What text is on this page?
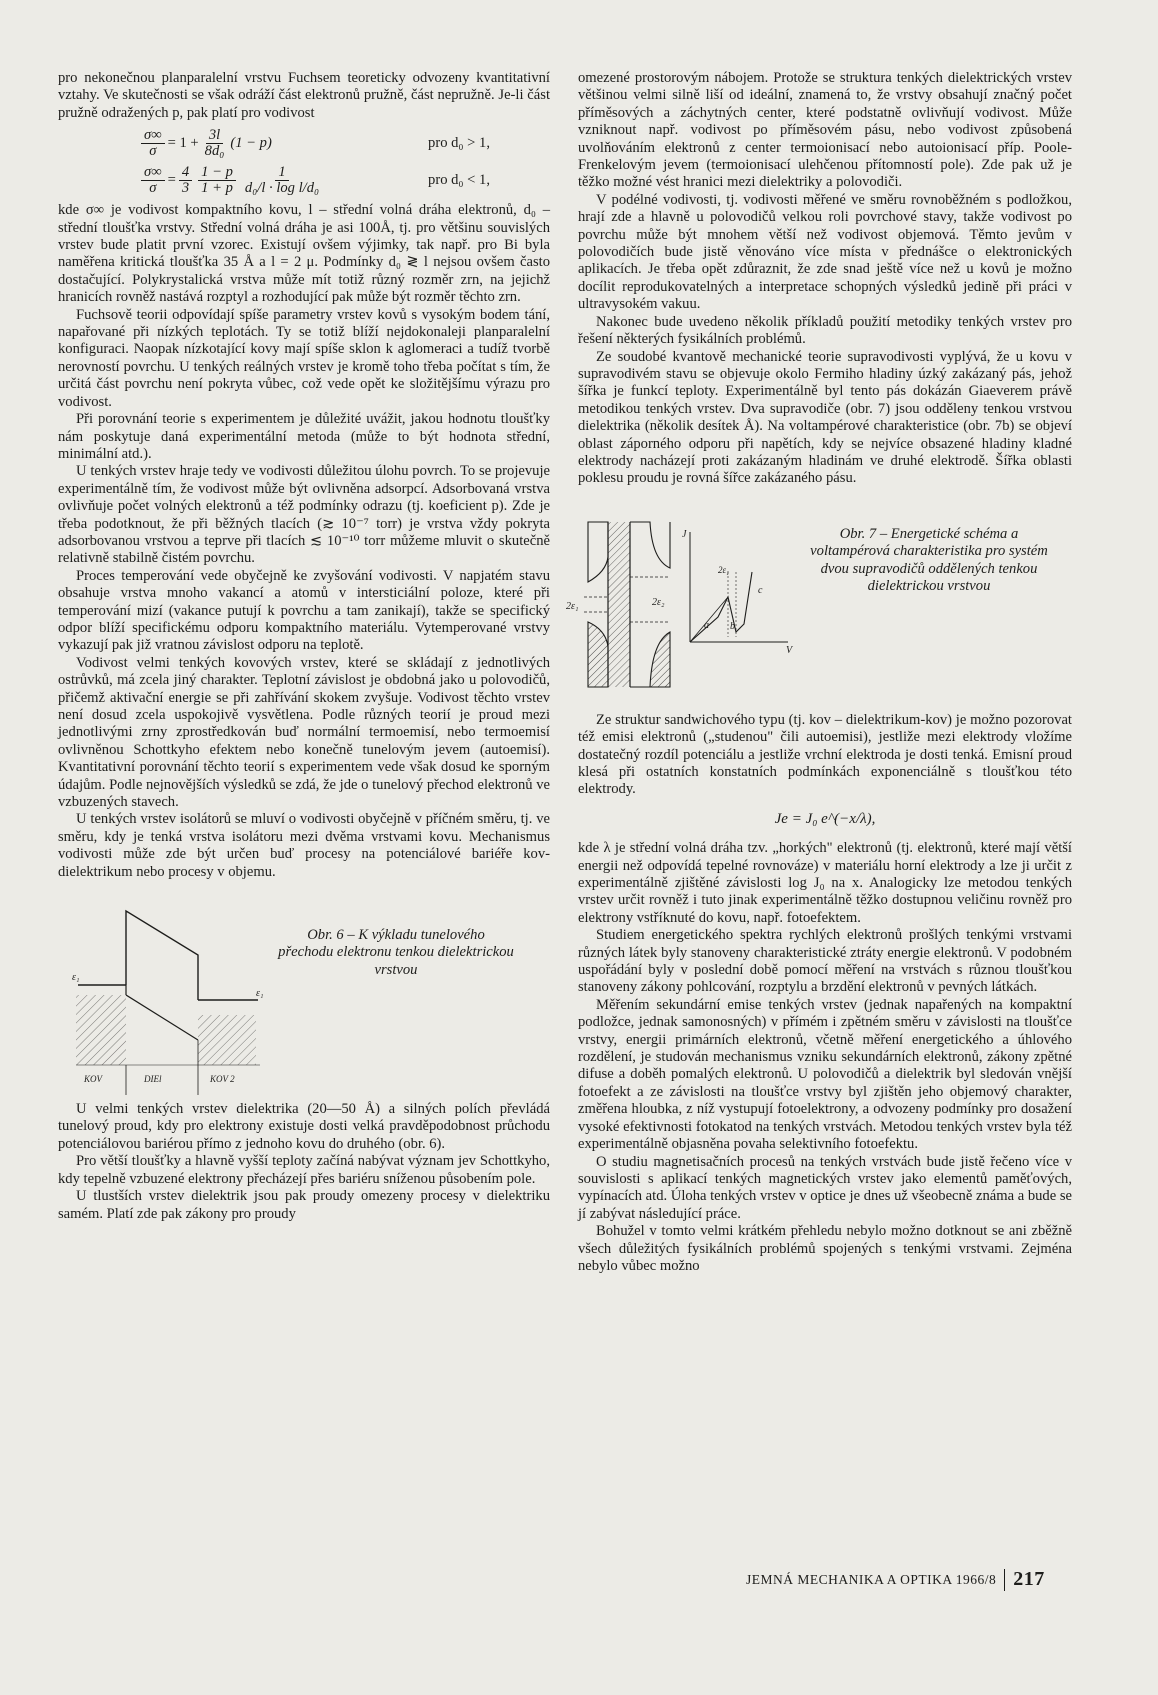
pro nekonečnou planparalelní vrstvu Fuchsem teoreticky odvozeny kvantitativní vztahy. Ve skutečnosti se však odráží část elektronů pružně, část nepružně. Je-li část pružně odražených p, pak platí pro vodivost

$\frac{\sigma\infty}{\sigma} = 1 + \frac{3l}{\text{8d₀}} (1 - p)$	pro d₀ > 1,
$\frac{\sigma\infty}{\sigma} = \frac{4}{3} \frac{1 - p}{1 + p} \frac{1}{\text{d₀/l · log l/d₀}}$	pro d₀ < 1,

kde σ∞ je vodivost kompaktního kovu, l – střední volná dráha elektronů, d₀ – střední tloušťka vrstvy. Střední volná dráha je asi 100Å, tj. pro většinu souvislých vrstev bude platit první vzorec. Existují ovšem výjimky, tak např. pro Bi byla naměřena kritická tloušťka 35 Å a l = 2 μ. Podmínky d₀ ≷ l nejsou ovšem často dostačující. Polykrystalická vrstva může mít totiž různý rozměr zrn, na jejichž hranicích rovněž nastává rozptyl a rozhodující pak může být rozměr těchto zrn.

Fuchsově teorii odpovídají spíše parametry vrstev kovů s vysokým bodem tání, napařované při nízkých teplotách. Ty se totiž blíží nejdokonaleji planparalelní konfiguraci. Naopak nízkotající kovy mají spíše sklon k aglomeraci a tudíž tvorbě nerovností povrchu. U tenkých reálných vrstev je kromě toho třeba počítat s tím, že určitá část povrchu není pokryta vůbec, což vede opět ke složitějšímu výrazu pro vodivost.

Při porovnání teorie s experimentem je důležité uvážit, jakou hodnotu tloušťky nám poskytuje daná experimentální metoda (může to být hodnota střední, minimální atd.).

U tenkých vrstev hraje tedy ve vodivosti důležitou úlohu povrch. To se projevuje experimentálně tím, že vodivost může být ovlivněna adsorpcí. Adsorbovaná vrstva ovlivňuje počet volných elektronů a též podmínky odrazu (tj. koeficient p). Zde je třeba podotknout, že při běžných tlacích (≳ 10⁻⁷ torr) je vrstva vždy pokryta adsorbovanou vrstvou a teprve při tlacích ≲ 10⁻¹⁰ torr můžeme mluvit o skutečně relativně stabilně čistém povrchu.

Proces temperování vede obyčejně ke zvyšování vodivosti. V napjatém stavu obsahuje vrstva mnoho vakancí a atomů v intersticiální poloze, které při temperování mizí (vakance putují k povrchu a tam zanikají), takže se specifický odpor blíží specifickému odporu kompaktního materiálu. Vytemperované vrstvy vykazují pak již vratnou závislost odporu na teplotě.

Vodivost velmi tenkých kovových vrstev, které se skládají z jednotlivých ostrůvků, má zcela jiný charakter. Teplotní závislost je obdobná jako u polovodičů, přičemž aktivační energie se při zahřívání skokem zvyšuje. Vodivost těchto vrstev není dosud zcela uspokojivě vysvětlena. Podle různých teorií je proud mezi jednotlivými zrny zprostředkován buď normální termoemisí, nebo termoemisí ovlivněnou Schottkyho efektem nebo konečně tunelovým jevem (autoemisí). Kvantitativní porovnání těchto teorií s experimentem vede však dosud ke sporným údajům. Podle nejnovějších výsledků se zdá, že jde o tunelový přechod elektronů ve vzbuzených stavech.

U tenkých vrstev isolátorů se mluví o vodivosti obyčejně v příčném směru, tj. ve směru, kdy je tenká vrstva isolátoru mezi dvěma vrstvami kovu. Mechanismus vodivosti může zde být určen buď procesy na potenciálové bariéře kov-dielektrikum nebo procesy v objemu.

ε₁
ε₁
KOV	DIEl	KOV 2
Obr. 6 – K výkladu tunelového přechodu elektronu tenkou dielektrickou vrstvou

U velmi tenkých vrstev dielektrika (20—50 Å) a silných polích převládá tunelový proud, kdy pro elektrony existuje dosti velká pravděpodobnost průchodu potenciálovou bariérou přímo z jednoho kovu do druhého (obr. 6).

Pro větší tloušťky a hlavně vyšší teploty začíná nabývat význam jev Schottkyho, kdy tepelně vzbuzené elektrony přecházejí přes bariéru sníženou působením pole.

U tlustších vrstev dielektrik jsou pak proudy omezeny procesy v dielektriku samém. Platí zde pak zákony pro proudy

omezené prostorovým nábojem. Protože se struktura tenkých dielektrických vrstev většinou velmi silně liší od ideální, znamená to, že vrstvy obsahují značný počet příměsových a záchytných center, které podstatně ovlivňují vodivost. Může vzniknout např. vodivost po příměsovém pásu, nebo vodivost způsobená uvolňováním elektronů z center termoionisací nebo autoionisací příp. Poole-Frenkelovým jevem (termoionisací ulehčenou přítomností pole). Zde pak už je těžko možné vést hranici mezi dielektriky a polovodiči.

V podélné vodivosti, tj. vodivosti měřené ve směru rovnoběžném s podložkou, hrají zde a hlavně u polovodičů velkou roli povrchové stavy, takže vodivost po povrchu může být mnohem větší než vodivost objemová. Těmto jevům v polovodičích bude jistě věnováno více místa v přednášce o elektronických aplikacích. Je třeba opět zdůraznit, že zde snad ještě více než u kovů je možno docílit reprodukovatelných a interpretace schopných výsledků jedině při práci v ultravysokém vakuu.

Nakonec bude uvedeno několik příkladů použití metodiky tenkých vrstev pro řešení některých fysikálních problémů.

Ze soudobé kvantově mechanické teorie supravodivosti vyplývá, že u kovu v supravodivém stavu se objevuje okolo Fermiho hladiny úzký zakázaný pás, jehož šířka je funkcí teploty. Experimentálně byl tento pás dokázán Giaeverem právě metodikou tenkých vrstev. Dva supravodiče (obr. 7) jsou odděleny tenkou vrstvou dielektrika (několik desítek Å). Na voltampérové charakteristice (obr. 7b) se objeví oblast záporného odporu při napětích, kdy se nejvíce obsazené hladiny kladné elektrody nacházejí proti zakázaným hladinám ve druhé elektrodě. Šířka oblasti poklesu proudu je rovná šířce zakázaného pásu.

2ε₁	2ε₂
2ε₁
J
V
a b
c
Obr. 7 – Energetické schéma a voltampérová charakteristika pro systém dvou supravodičů oddělených tenkou dielektrickou vrstvou

Ze struktur sandwichového typu (tj. kov – dielektrikum-kov) je možno pozorovat též emisi elektronů („studenou" čili autoemisi), jestliže mezi elektrody vložíme dostatečný rozdíl potenciálu a jestliže vrchní elektroda je dosti tenká. Emisní proud klesá při ostatních konstatních podmínkách exponenciálně s tloušťkou této elektrody.

Je = J₀ e^(−x/λ),

kde λ je střední volná dráha tzv. „horkých" elektronů (tj. elektronů, které mají větší energii než odpovídá tepelné rovnováze) v materiálu horní elektrody a lze ji určit z experimentálně zjištěné závislosti log J₀ na x. Analogicky lze metodou tenkých vrstev určit rovněž i tuto jinak experimentálně těžko dostupnou veličinu rovněž pro elektrony vstříknuté do kovu, např. fotoefektem.

Studiem energetického spektra rychlých elektronů prošlých tenkými vrstvami různých látek byly stanoveny charakteristické ztráty energie elektronů. V podobném uspořádání byly v poslední době pomocí měření na vrstvách s různou tloušťkou stanoveny zákony pohlcování, rozptylu a brzdění elektronů v pevných látkách.

Měřením sekundární emise tenkých vrstev (jednak napařených na kompaktní podložce, jednak samonosných) v přímém i zpětném směru v závislosti na tloušťce vrstvy, energii primárních elektronů, včetně měření energetického a úhlového rozdělení, je studován mechanismus vzniku sekundárních elektronů, zákony zpětné difuse a doběh pomalých elektronů. U polovodičů a dielektrik byl sledován vnější fotoefekt a ze závislosti na tloušťce vrstvy byl zjištěn jeho objemový charakter, změřena hloubka, z níž vystupují fotoelektrony, a odvozeny podmínky pro dosažení vysoké efektivnosti fotokatod na tenkých vrstvách. Metodou tenkých vrstev byla též experimentálně objasněna povaha selektivního fotoefektu.

O studiu magnetisačních procesů na tenkých vrstvách bude jistě řečeno více v souvislosti s aplikací tenkých magnetických vrstev jako elementů paměťových, vypínacích atd. Úloha tenkých vrstev v optice je dnes už všeobecně známa a bude se jí zabývat následující práce.

Bohužel v tomto velmi krátkém přehledu nebylo možno dotknout se ani zběžně všech důležitých fysikálních problémů spojených s tenkými vrstvami. Zejména nebylo vůbec možno

JEMNÁ MECHANIKA A OPTIKA 1966/8 217
